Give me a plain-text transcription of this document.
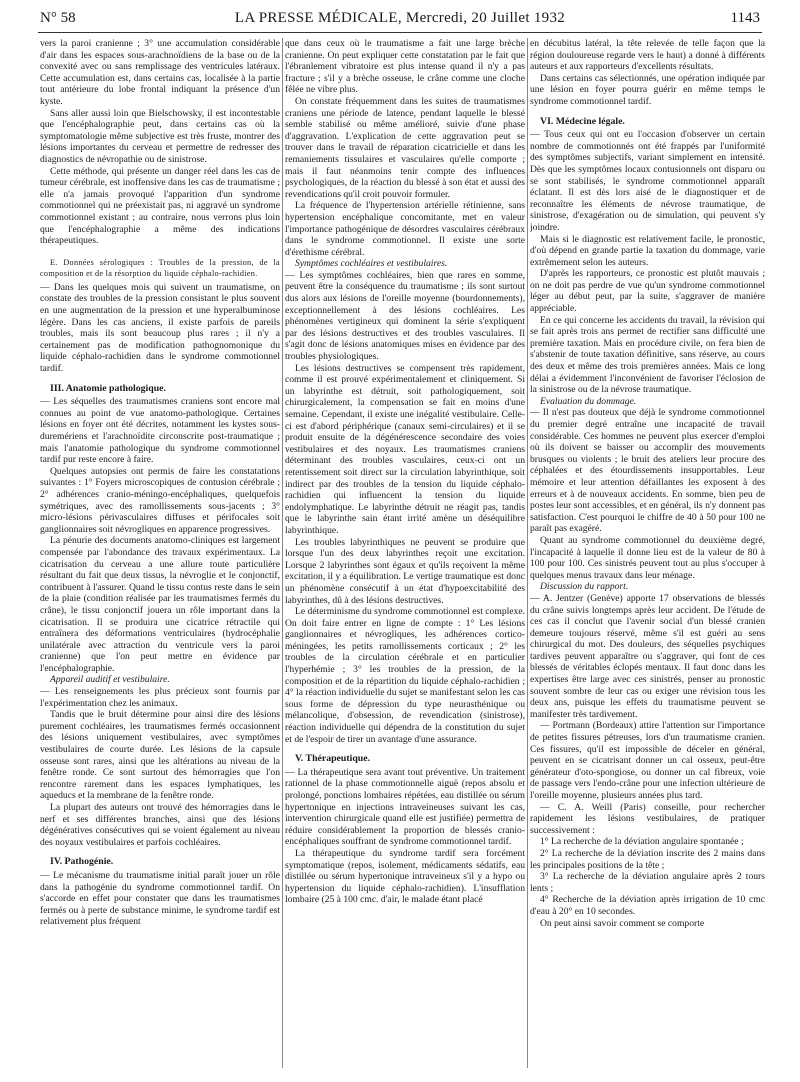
N° 58	LA PRESSE MÉDICALE, Mercredi, 20 Juillet 1932	1143

vers la paroi cranienne ; 3° une accumulation considérable d'air dans les espaces sous-arachnoïdiens de la base ou de la convexité avec ou sans remplissage des ventricules latéraux. Cette accumulation est, dans certains cas, localisée à la partie tout antérieure du lobe frontal indiquant la présence d'un kyste.

Sans aller aussi loin que Bielschowsky, il est incontestable que l'encéphalographie peut, dans certains cas où la symptomatologie même subjective est très fruste, montrer des lésions importantes du cerveau et permettre de redresser des diagnostics de névropathie ou de sinistrose.

Cette méthode, qui présente un danger réel dans les cas de tumeur cérébrale, est inoffensive dans les cas de traumatisme ; elle n'a jamais provoqué l'apparition d'un syndrome commotionnel qui ne préexistait pas, ni aggravé un syndrome commotionnel existant ; au contraire, nous verrons plus loin que l'encéphalographie a même des indications thérapeutiques.

E. Données sérologiques : Troubles de la pression, de la composition et de la résorption du liquide céphalo-rachidien.

— Dans les quelques mois qui suivent un traumatisme, on constate des troubles de la pression consistant le plus souvent en une augmentation de la pression et une hyperalbuminose légère. Dans les cas anciens, il existe parfois de pareils troubles, mais ils sont beaucoup plus rares ; il n'y a certainement pas de modification pathognomonique du liquide céphalo-rachidien dans le syndrome commotionnel tardif.

III. Anatomie pathologique.

— Les séquelles des traumatismes craniens sont encore mal connues au point de vue anatomo-pathologique. Certaines lésions en foyer ont été décrites, notamment les kystes sous-duremériens et l'arachnoïdite circonscrite post-traumatique ; mais l'anatomie pathologique du syndrome commotionnel tardif pur reste encore à faire.

Quelques autopsies ont permis de faire les constatations suivantes : 1° Foyers microscopiques de contusion cérébrale ; 2° adhérences cranio-méningo-encéphaliques, quelquefois symétriques, avec des ramollissements sous-jacents ; 3° micro-lésions périvasculaires diffuses et périfocales soit ganglionnaires soit névrogliques en apparence progressives.

La pénurie des documents anatomo-cliniques est largement compensée par l'abondance des travaux expérimentaux. La cicatrisation du cerveau a une allure toute particulière résultant du fait que deux tissus, la névroglie et le conjonctif, contribuent à l'assurer. Quand le tissu contus reste dans le sein de la plaie (condition réalisée par les traumatismes fermés du crâne), le tissu conjonctif jouera un rôle important dans la cicatrisation. Il se produira une cicatrice rétractile qui entraînera des déformations ventriculaires (hydrocéphalie unilatérale avec attraction du ventricule vers la paroi cranienne) que l'on peut mettre en évidence par l'encéphalographie.

Appareil auditif et vestibulaire.

— Les renseignements les plus précieux sont fournis par l'expérimentation chez les animaux.

Tandis que le bruit détermine pour ainsi dire des lésions purement cochléaires, les traumatismes fermés occasionnent des lésions uniquement vestibulaires, avec symptômes vestibulaires de courte durée. Les lésions de la capsule osseuse sont rares, ainsi que les altérations au niveau de la fenêtre ronde. Ce sont surtout des hémorragies que l'on rencontre rarement dans les espaces lymphatiques, les aqueducs et la membrane de la fenêtre ronde.

La plupart des auteurs ont trouvé des hémorragies dans le nerf et ses différentes branches, ainsi que des lésions dégénératives consécutives qui se voient également au niveau des noyaux vestibulaires et parfois cochléaires.

IV. Pathogénie.

— Le mécanisme du traumatisme initial paraît jouer un rôle dans la pathogénie du syndrome commotionnel tardif. On s'accorde en effet pour constater que dans les traumatismes fermés ou à perte de substance minime, le syndrome tardif est relativement plus fréquent

que dans ceux où le traumatisme a fait une large brèche cranienne. On peut expliquer cette constatation par le fait que l'ébranlement vibratoire est plus intense quand il n'y a pas fracture ; s'il y a brèche osseuse, le crâne comme une cloche fêlée ne vibre plus.

On constate fréquemment dans les suites de traumatismes craniens une période de latence, pendant laquelle le blessé semble stabilisé ou même amélioré, suivie d'une phase d'aggravation. L'explication de cette aggravation peut se trouver dans le travail de réparation cicatricielle et dans les remaniements tissulaires et vasculaires qu'elle comporte ; mais il faut néanmoins tenir compte des influences psychologiques, de la réaction du blessé à son état et aussi des revendications qu'il croit pouvoir formuler.

La fréquence de l'hypertension artérielle rétinienne, sans hypertension encéphalique concomitante, met en valeur l'importance pathogénique de désordres vasculaires cérébraux dans le syndrome commotionnel. Il existe une sorte d'érethisme cérébral.

Symptômes cochléaires et vestibulaires.

— Les symptômes cochléaires, bien que rares en somme, peuvent être la conséquence du traumatisme ; ils sont surtout dus alors aux lésions de l'oreille moyenne (bourdonnements), exceptionnellement à des lésions cochléaires. Les phénomènes vertigineux qui dominent la série s'expliquent par des lésions destructives et des troubles vasculaires. Il s'agit donc de lésions anatomiques mises en évidence par des troubles physiologiques.

Les lésions destructives se compensent très rapidement, comme il est prouvé expérimentalement et cliniquement. Si un labyrinthe est détruit, soit pathologiquement, soit chirurgicalement, la compensation se fait en moins d'une semaine. Cependant, il existe une inégalité vestibulaire. Celle-ci est d'abord périphérique (canaux semi-circulaires) et il se produit ensuite de la dégénérescence secondaire des voies vestibulaires et des noyaux. Les traumatismes craniens déterminant des troubles vasculaires, ceux-ci ont un retentissement soit direct sur la circulation labyrinthique, soit indirect par des troubles de la tension du liquide céphalo-rachidien qui influencent la tension du liquide endolymphatique. Le labyrinthe détruit ne réagit pas, tandis que le labyrinthe sain étant irrité amène un déséquilibre labyrinthique.

Les troubles labyrinthiques ne peuvent se produire que lorsque l'un des deux labyrinthes reçoit une excitation. Lorsque 2 labyrinthes sont égaux et qu'ils reçoivent la même excitation, il y a équilibration. Le vertige traumatique est donc un phénomène consécutif à un état d'hypoexcitabilité des labyrinthes, dû à des lésions destructives.

Le déterminisme du syndrome commotionnel est complexe. On doit faire entrer en ligne de compte : 1° Les lésions ganglionnaires et névrogliques, les adhérences cortico-méningées, les petits ramollissements corticaux ; 2° les troubles de la circulation cérébrale et en particulier l'hyperhémie ; 3° les troubles de la pression, de la composition et de la répartition du liquide céphalo-rachidien ; 4° la réaction individuelle du sujet se manifestant selon les cas sous forme de dépression du type neurasthénique ou mélancolique, d'obsession, de revendication (sinistrose), réaction individuelle qui dépendra de la constitution du sujet et de l'espoir de tirer un avantage d'une assurance.

V. Thérapeutique.

— La thérapeutique sera avant tout préventive. Un traitement rationnel de la phase commotionnelle aiguë (repos absolu et prolongé, ponctions lombaires répétées, eau distillée ou sérum hypertonique en injections intraveineuses suivant les cas, intervention chirurgicale quand elle est justifiée) permettra de réduire considérablement la proportion de blessés cranio-encéphaliques souffrant de syndrome commotionnel tardif.

La thérapeutique du syndrome tardif sera forcément symptomatique (repos, isolement, médicaments sédatifs, eau distillée ou sérum hypertonique intraveineux s'il y a hypo ou hypertension du liquide céphalo-rachidien). L'insufflation lombaire (25 à 100 cmc. d'air, le malade étant placé

en décubitus latéral, la tête relevée de telle façon que la région douloureuse regarde vers le haut) a donné à différents auteurs et aux rapporteurs d'excellents résultats.

Dans certains cas sélectionnés, une opération indiquée par une lésion en foyer pourra guérir en même temps le syndrome commotionnel tardif.

VI. Médecine légale.

— Tous ceux qui ont eu l'occasion d'observer un certain nombre de commotionnés ont été frappés par l'uniformité des symptômes subjectifs, variant simplement en intensité. Dès que les symptômes locaux contusionnels ont disparu ou se sont stabilisés, le syndrome commotionnel apparaît éclatant. Il est dès lors aisé de le diagnostiquer et de reconnaître les éléments de névrose traumatique, de sinistrose, d'exagération ou de simulation, qui peuvent s'y joindre.

Mais si le diagnostic est relativement facile, le pronostic, d'où dépend en grande partie la taxation du dommage, varie extrêmement selon les auteurs.

D'après les rapporteurs, ce pronostic est plutôt mauvais ; on ne doit pas perdre de vue qu'un syndrome commotionnel léger au début peut, par la suite, s'aggraver de manière appréciable.

En ce qui concerne les accidents du travail, la révision qui se fait après trois ans permet de rectifier sans difficulté une première taxation. Mais en procédure civile, on fera bien de s'abstenir de toute taxation définitive, sans réserve, au cours des deux et même des trois premières années. Mais ce long délai a évidemment l'inconvénient de favoriser l'éclosion de la sinistrose ou de la névrose traumatique.

Evaluation du dommage.

— Il n'est pas douteux que déjà le syndrome commotionnel du premier degré entraîne une incapacité de travail considérable. Ces hommes ne peuvent plus exercer d'emploi où ils doivent se baisser ou accomplir des mouvements brusques ou violents ; le bruit des ateliers leur procure des céphalées et des étourdissements insupportables. Leur mémoire et leur attention défaillantes les exposent à des erreurs et à de nouveaux accidents. En somme, bien peu de postes leur sont accessibles, et en général, ils n'y donnent pas satisfaction. C'est pourquoi le chiffre de 40 à 50 pour 100 ne paraît pas exagéré.

Quant au syndrome commotionnel du deuxième degré, l'incapacité à laquelle il donne lieu est de la valeur de 80 à 100 pour 100. Ces sinistrés peuvent tout au plus s'occuper à quelques menus travaux dans leur ménage.

Discussion du rapport.

— A. Jentzer (Genève) apporte 17 observations de blessés du crâne suivis longtemps après leur accident. De l'étude de ces cas il conclut que l'avenir social d'un blessé cranien demeure toujours réservé, même s'il est guéri au sens chirurgical du mot. Des douleurs, des séquelles psychiques tardives peuvent apparaître ou s'aggraver, qui font de ces blessés de véritables éclopés mentaux. Il faut donc dans les expertises être large avec ces sinistrés, penser au pronostic souvent sombre de leur cas ou exiger une révision tous les deux ans, puisque les effets du traumatisme peuvent se manifester très tardivement.

— Portmann (Bordeaux) attire l'attention sur l'importance de petites fissures pétreuses, lors d'un traumatisme cranien. Ces fissures, qu'il est impossible de déceler en général, peuvent en se cicatrisant donner un cal osseux, peut-être générateur d'oto-spongiose, ou donner un cal fibreux, voie de passage vers l'endo-crâne pour une infection ultérieure de l'oreille moyenne, plusieurs années plus tard.

— C. A. Weill (Paris) conseille, pour rechercher rapidement les lésions vestibulaires, de pratiquer successivement :

1° La recherche de la déviation angulaire spontanée ;

2° La recherche de la déviation inscrite des 2 mains dans les principales positions de la tête ;

3° La recherche de la déviation angulaire après 2 tours lents ;

4° Recherche de la déviation après irrigation de 10 cmc d'eau à 20° en 10 secondes.

On peut ainsi savoir comment se comporte
